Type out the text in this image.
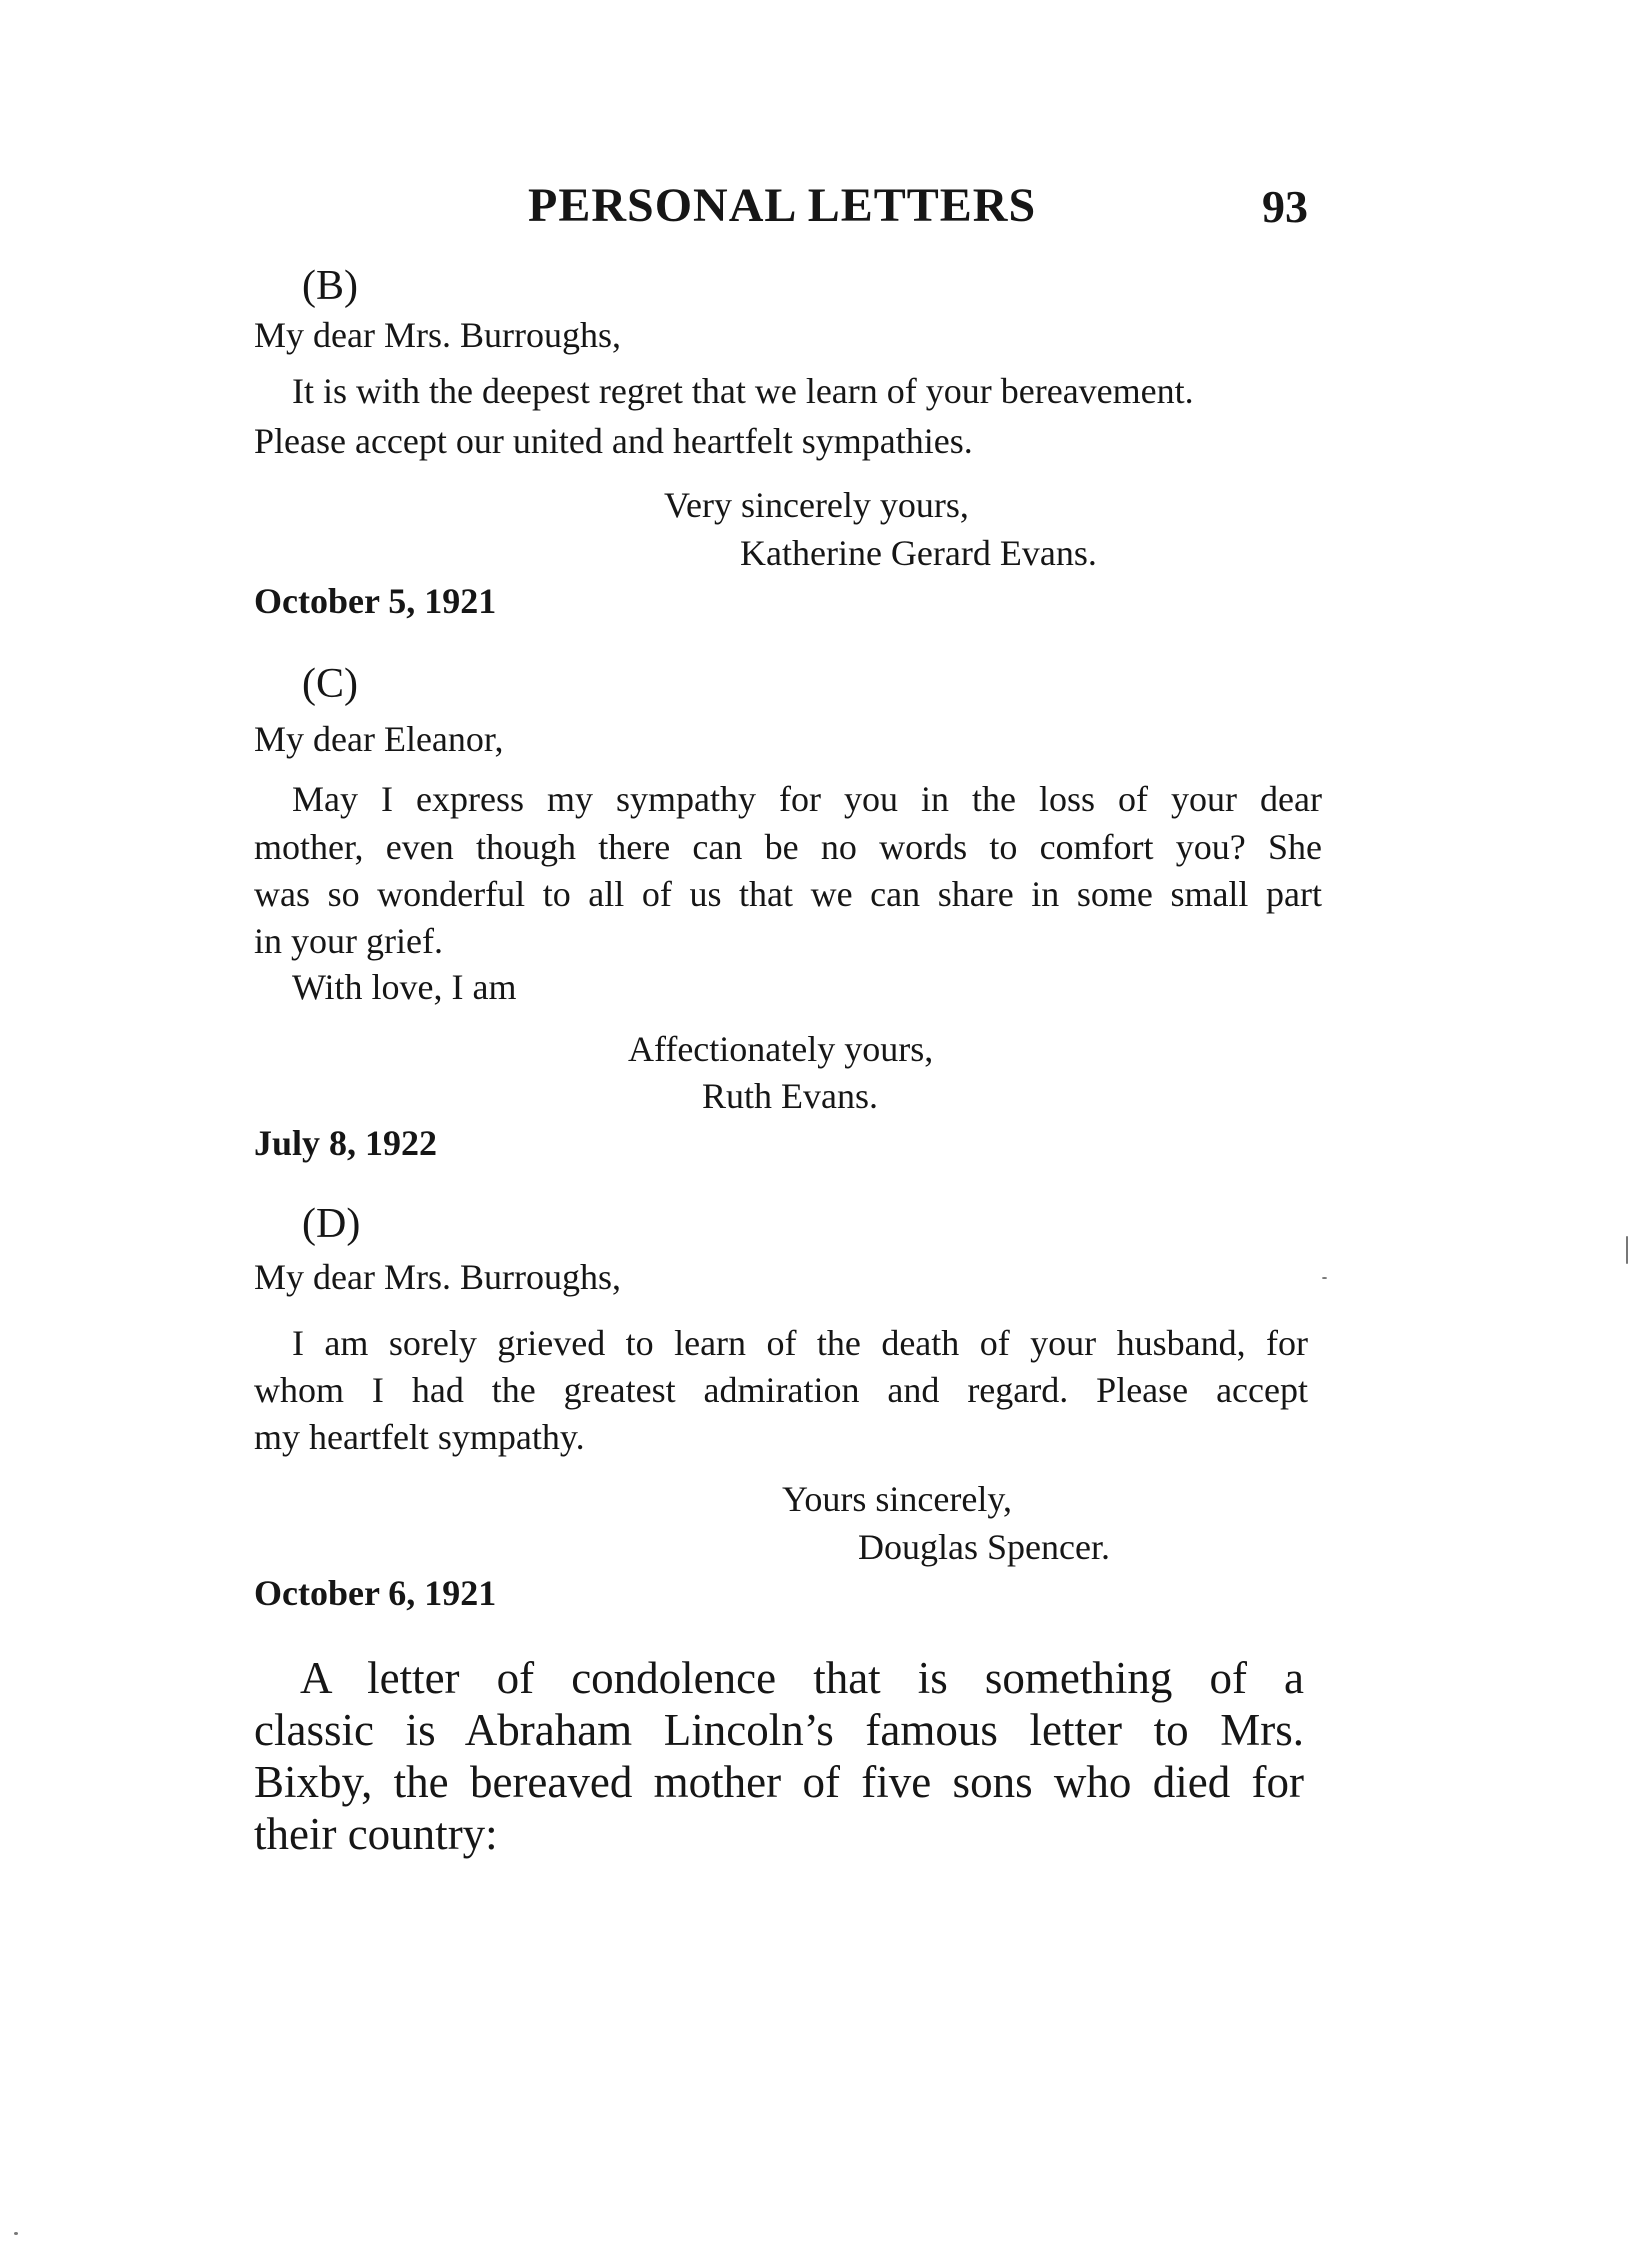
PERSONAL LETTERS	93
(B)
My dear Mrs. Burroughs,
It is with the deepest regret that we learn of your bereavement.
Please accept our united and heartfelt sympathies.
Very sincerely yours,
Katherine Gerard Evans.
October 5, 1921
(C)
My dear Eleanor,
May I express my sympathy for you in the loss of your dear
mother, even though there can be no words to comfort you? She
was so wonderful to all of us that we can share in some small part
in your grief.
With love, I am
Affectionately yours,
Ruth Evans.
July 8, 1922
(D)
My dear Mrs. Burroughs,
I am sorely grieved to learn of the death of your husband, for
whom I had the greatest admiration and regard. Please accept
my heartfelt sympathy.
Yours sincerely,
Douglas Spencer.
October 6, 1921
A letter of condolence that is something of a
classic is Abraham Lincoln’s famous letter to Mrs.
Bixby, the bereaved mother of five sons who died for
their country:
